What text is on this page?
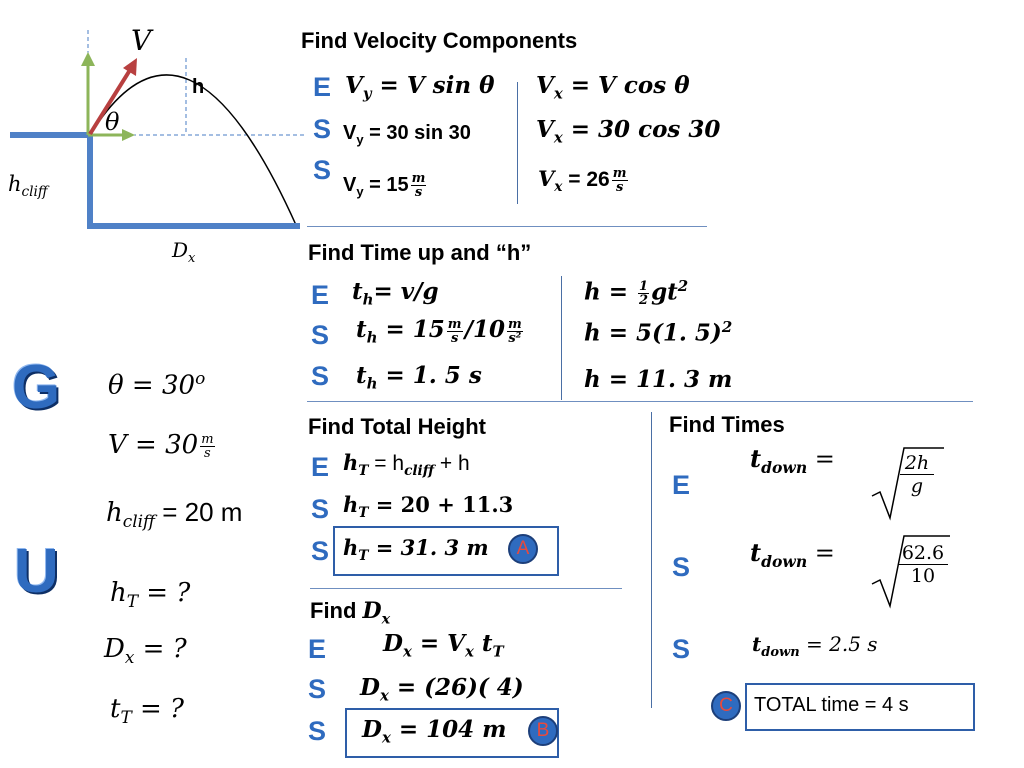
V
h
θ
$h_{cliff}$
$D_x$
G
U
$\theta = 30^o$
$V = 30 \frac{m}{s}$
$h_{cliff} = 20$ m
$h_T$ = ?
$D_x$ = ?
$t_T$ = ?
Find Velocity Components
E
S
S
$V_y = V$ sin θ
$V_y = 30$ sin 30
$V_y = 15 \frac{m}{s}$
$V_x = V$ cos θ
$V_x = 30$ cos 30
$V_x = 26 \frac{m}{s}$
Find Time up and “h”
E
S
S
$t_h= v/g$
$t_h = 15 \frac{m}{s} /10 \frac{m}{\text{s²}}$
$t_h = 1$. 5 s
$h = \frac{1}{2} gt^2$
h = 5(1. 5)$^2$
h = 11. 3 m
Find Total Height
E
S
S
$h_T = h_{cliff} + h$
$h_T = 20 + 11.3$
$h_T = 31$. 3 m	A
Find $D_x$
E
S
S
$D_x = V_x$ $t_T$
$D_x = (26)$( 4)
$D_x = 104$ m	B
Find Times
E
S
S
$t_{down}$ =	2h
g
$t_{down}$ =	62.6
10
$t_{down} = 2.5$ s
C	TOTAL time = 4 s
